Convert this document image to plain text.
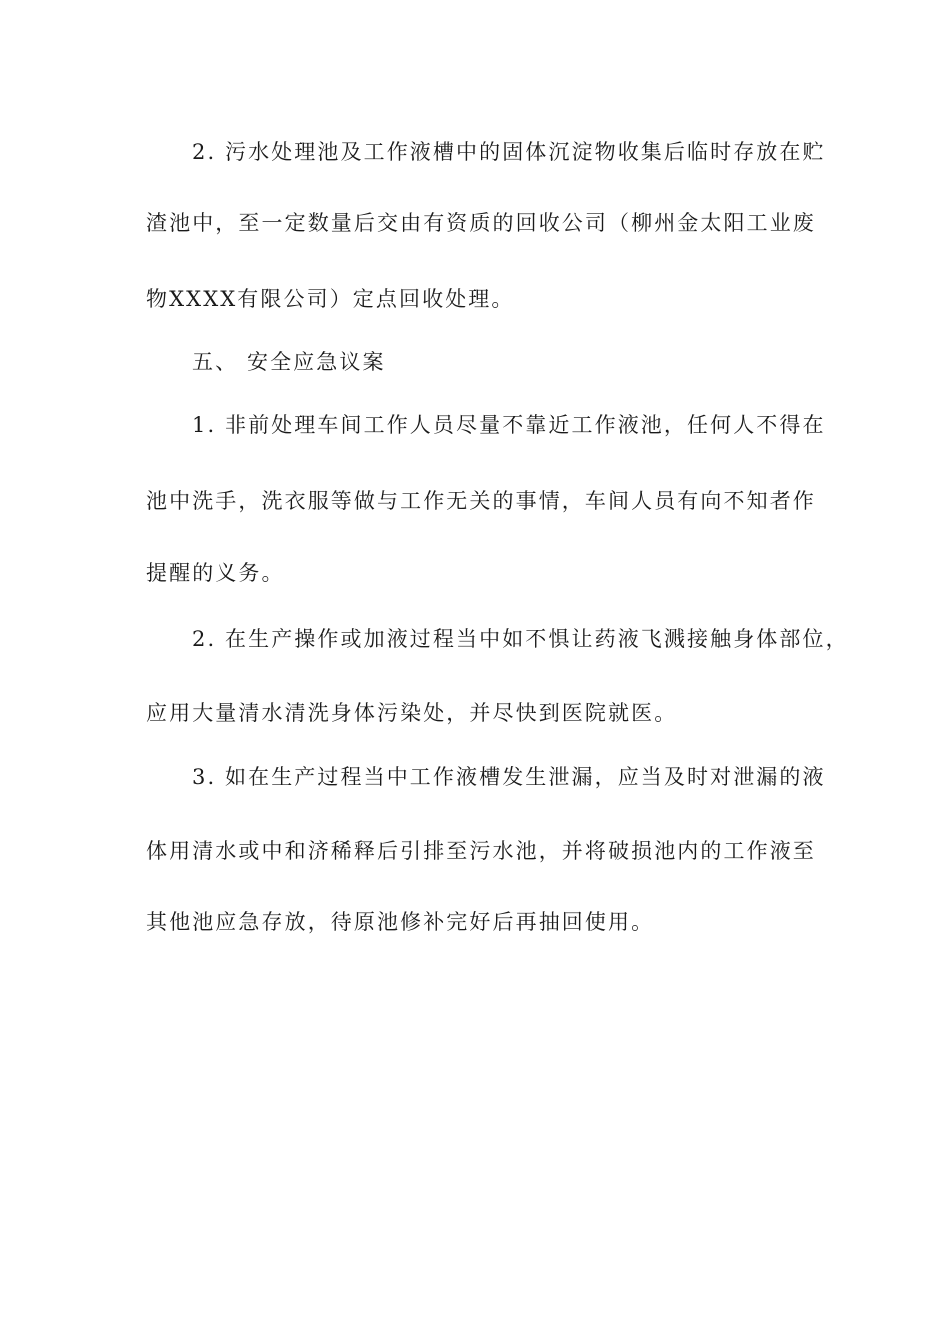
2. 污水处理池及工作液槽中的固体沉淀物收集后临时存放在贮
渣池中，至一定数量后交由有资质的回收公司（柳州金太阳工业废
物XXXX有限公司）定点回收处理。
五、 安全应急议案
1. 非前处理车间工作人员尽量不靠近工作液池，任何人不得在
池中洗手，洗衣服等做与工作无关的事情，车间人员有向不知者作
提醒的义务。
2. 在生产操作或加液过程当中如不惧让药液飞溅接触身体部位，
应用大量清水清洗身体污染处，并尽快到医院就医。
3. 如在生产过程当中工作液槽发生泄漏，应当及时对泄漏的液
体用清水或中和济稀释后引排至污水池，并将破损池内的工作液至
其他池应急存放，待原池修补完好后再抽回使用。
